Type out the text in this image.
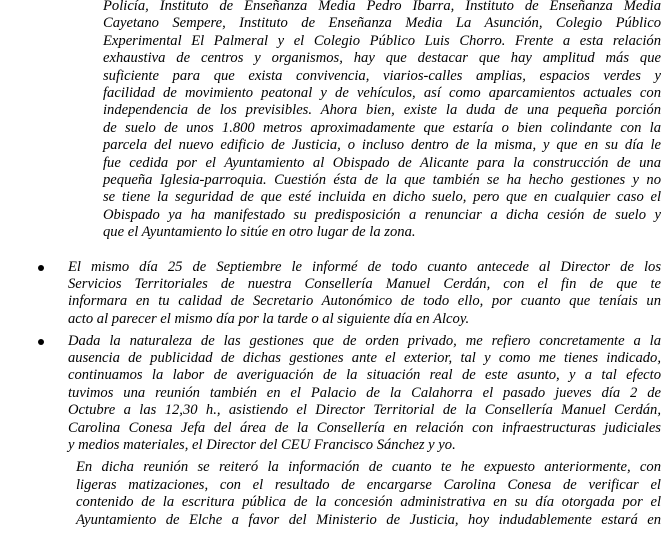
Policía, Instituto de Enseñanza Media Pedro Ibarra, Instituto de Enseñanza Media
Cayetano Sempere, Instituto de Enseñanza Media La Asunción, Colegio Público
Experimental El Palmeral y el Colegio Público Luis Chorro. Frente a esta relación
exhaustiva de centros y organismos, hay que destacar que hay amplitud más que
suficiente para que exista convivencia, viarios-calles amplias, espacios verdes y
facilidad de movimiento peatonal y de vehículos, así como aparcamientos actuales con
independencia de los previsibles. Ahora bien, existe la duda de una pequeña porción
de suelo de unos 1.800 metros aproximadamente que estaría o bien colindante con la
parcela del nuevo edificio de Justicia, o incluso dentro de la misma, y que en su día le
fue cedida por el Ayuntamiento al Obispado de Alicante para la construcción de una
pequeña Iglesia-parroquia. Cuestión ésta de la que también se ha hecho gestiones y no
se tiene la seguridad de que esté incluida en dicho suelo, pero que en cualquier caso el
Obispado ya ha manifestado su predisposición a renunciar a dicha cesión de suelo y
que el Ayuntamiento lo sitúe en otro lugar de la zona.
El mismo día 25 de Septiembre le informé de todo cuanto antecede al Director de los
Servicios Territoriales de nuestra Consellería Manuel Cerdán, con el fin de que te
informara en tu calidad de Secretario Autonómico de todo ello, por cuanto que teníais un
acto al parecer el mismo día por la tarde o al siguiente día en Alcoy.
Dada la naturaleza de las gestiones que de orden privado, me refiero concretamente a la
ausencia de publicidad de dichas gestiones ante el exterior, tal y como me tienes indicado,
continuamos la labor de averiguación de la situación real de este asunto, y a tal efecto
tuvimos una reunión también en el Palacio de la Calahorra el pasado jueves día 2 de
Octubre a las 12,30 h., asistiendo el Director Territorial de la Consellería Manuel Cerdán,
Carolina Conesa Jefa del área de la Consellería en relación con infraestructuras judiciales
y medios materiales, el Director del CEU Francisco Sánchez y yo.
En dicha reunión se reiteró la información de cuanto te he expuesto anteriormente, con
ligeras matizaciones, con el resultado de encargarse Carolina Conesa de verificar el
contenido de la escritura pública de la concesión administrativa en su día otorgada por el
Ayuntamiento de Elche a favor del Ministerio de Justicia, hoy indudablemente estará en
